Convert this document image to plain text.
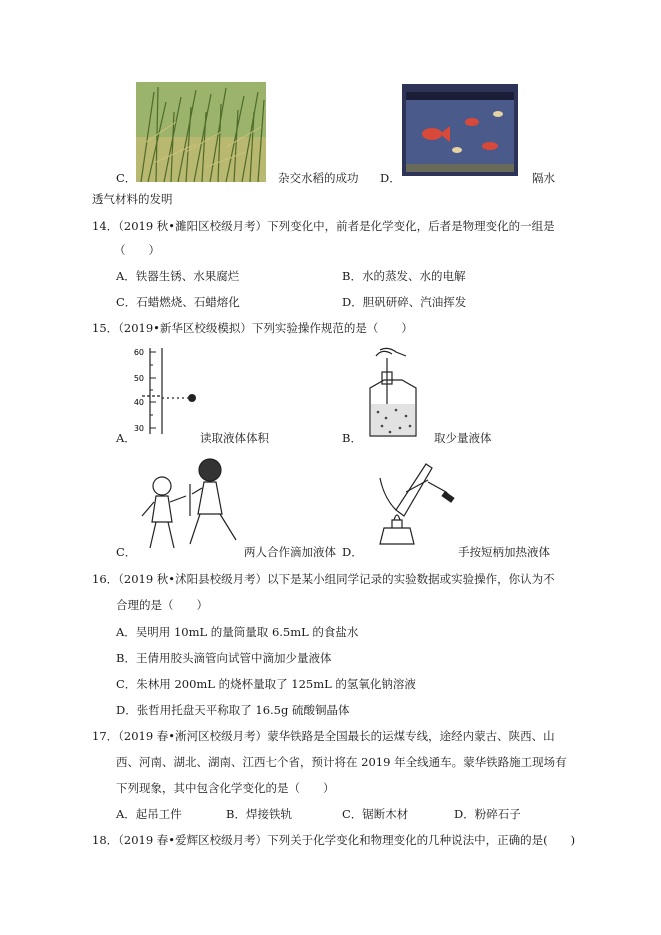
C．	杂交水稻的成功 D．	隔水
透气材料的发明
14．（2019 秋•濉阳区校级月考）下列变化中，前者是化学变化，后者是物理变化的一组是
（　　）
A．铁器生锈、水果腐烂	B．水的蒸发、水的电解
C．石蜡燃烧、石蜡熔化	D．胆矾研碎、汽油挥发
15．（2019•新华区校级模拟）下列实验操作规范的是（　　）
60
50
40
30
A．	读取液体体积	B．	取少量液体
C．	两人合作滴加液体 D．	手按短柄加热液体
16．（2019 秋•沭阳县校级月考）以下是某小组同学记录的实验数据或实验操作，你认为不
合理的是（　　）
A．吴明用 10mL 的量筒量取 6.5mL 的食盐水
B．王倩用胶头滴管向试管中滴加少量液体
C．朱林用 200mL 的烧杯量取了 125mL 的氢氧化钠溶液
D．张哲用托盘天平称取了 16.5g 硫酸铜晶体
17．（2019 春•淅河区校级月考）蒙华铁路是全国最长的运煤专线，途经内蒙古、陕西、山
西、河南、湖北、湖南、江西七个省，预计将在 2019 年全线通车。蒙华铁路施工现场有
下列现象，其中包含化学变化的是（　　）
A．起吊工件	B．焊接铁轨	C．锯断木材	D．粉碎石子
18．（2019 春•爱辉区校级月考）下列关于化学变化和物理变化的几种说法中，正确的是(　　)
